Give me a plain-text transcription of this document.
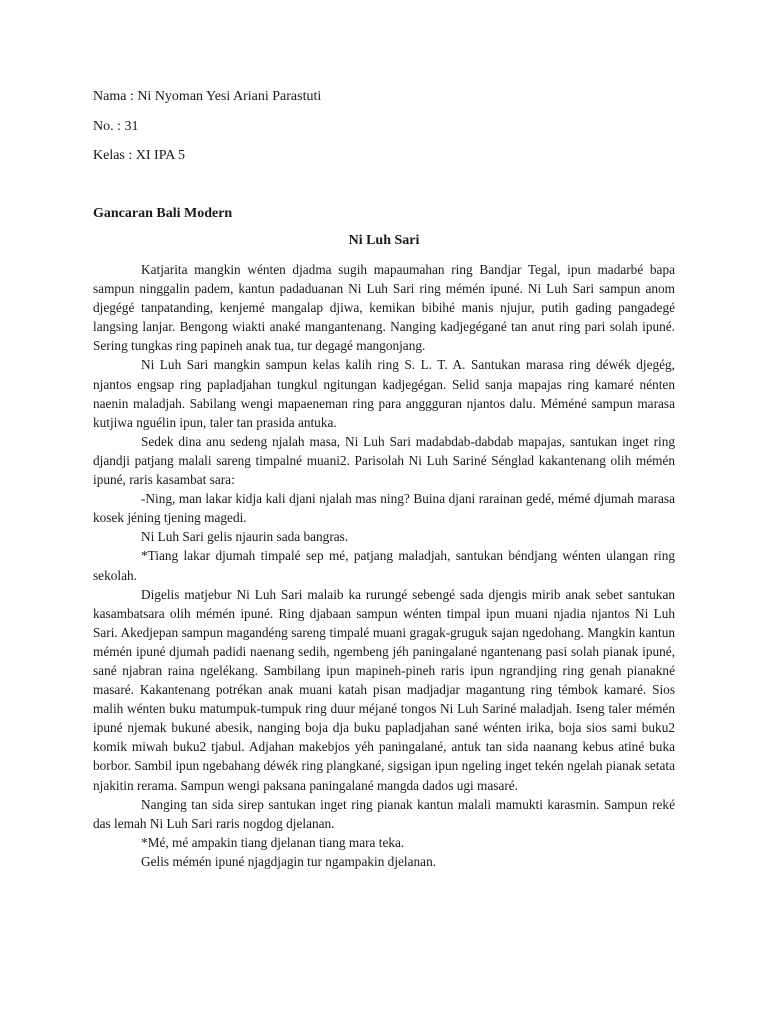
Nama : Ni Nyoman Yesi Ariani Parastuti
No. : 31
Kelas : XI IPA 5
Gancaran Bali Modern
Ni Luh Sari

Katjarita mangkin wénten djadma sugih mapaumahan ring Bandjar Tegal, ipun madarbé bapa sampun ninggalin padem, kantun padaduanan Ni Luh Sari ring mémén ipuné. Ni Luh Sari sampun anom djegégé tanpatanding, kenjemé mangalap djiwa, kemikan bibihé manis njujur, putih gading pangadegé langsing lanjar. Bengong wiakti anaké mangantenang. Nanging kadjegégané tan anut ring pari solah ipuné. Sering tungkas ring papineh anak tua, tur degagé mangonjang.

Ni Luh Sari mangkin sampun kelas kalih ring S. L. T. A. Santukan marasa ring déwék djegég, njantos engsap ring papladjahan tungkul ngitungan kadjegégan. Selid sanja mapajas ring kamaré nénten naenin maladjah. Sabilang wengi mapaeneman ring para anggguran njantos dalu. Méméné sampun marasa kutjiwa nguélin ipun, taler tan prasida antuka.

Sedek dina anu sedeng njalah masa, Ni Luh Sari madabdab-dabdab mapajas, santukan inget ring djandji patjang malali sareng timpalné muani2. Parisolah Ni Luh Sariné Sénglad kakantenang olih mémén ipuné, raris kasambat sara:

-Ning, man lakar kidja kali djani njalah mas ning? Buina djani rarainan gedé, mémé djumah marasa kosek jéning tjening magedi.

Ni Luh Sari gelis njaurin sada bangras.

*Tiang lakar djumah timpalé sep mé, patjang maladjah, santukan béndjang wénten ulangan ring sekolah.

Digelis matjebur Ni Luh Sari malaib ka rurungé sebengé sada djengis mirib anak sebet santukan kasambatsara olih mémén ipuné. Ring djabaan sampun wénten timpal ipun muani njadia njantos Ni Luh Sari. Akedjepan sampun magandéng sareng timpalé muani gragak-gruguk sajan ngedohang. Mangkin kantun mémén ipuné djumah padidi naenang sedih, ngembeng jéh paningalané ngantenang pasi solah pianak ipuné, sané njabran raina ngelékang. Sambilang ipun mapineh-pineh raris ipun ngrandjing ring genah pianakné masaré. Kakantenang potrékan anak muani katah pisan madjadjar magantung ring témbok kamaré. Sios malih wénten buku matumpuk-tumpuk ring duur méjané tongos Ni Luh Sariné maladjah. Iseng taler mémén ipuné njemak bukuné abesik, nanging boja dja buku papladjahan sané wénten irika, boja sios sami buku2 komik miwah buku2 tjabul. Adjahan makebjos yéh paningalané, antuk tan sida naanang kebus atiné buka borbor. Sambil ipun ngebahang déwék ring plangkané, sigsigan ipun ngeling inget tekén ngelah pianak setata njakitin rerama. Sampun wengi paksana paningalané mangda dados ugi masaré.

Nanging tan sida sirep santukan inget ring pianak kantun malali mamukti karasmin. Sampun reké das lemah Ni Luh Sari raris nogdog djelanan.

*Mé, mé ampakin tiang djelanan tiang mara teka.

Gelis mémén ipuné njagdjagin tur ngampakin djelanan.
